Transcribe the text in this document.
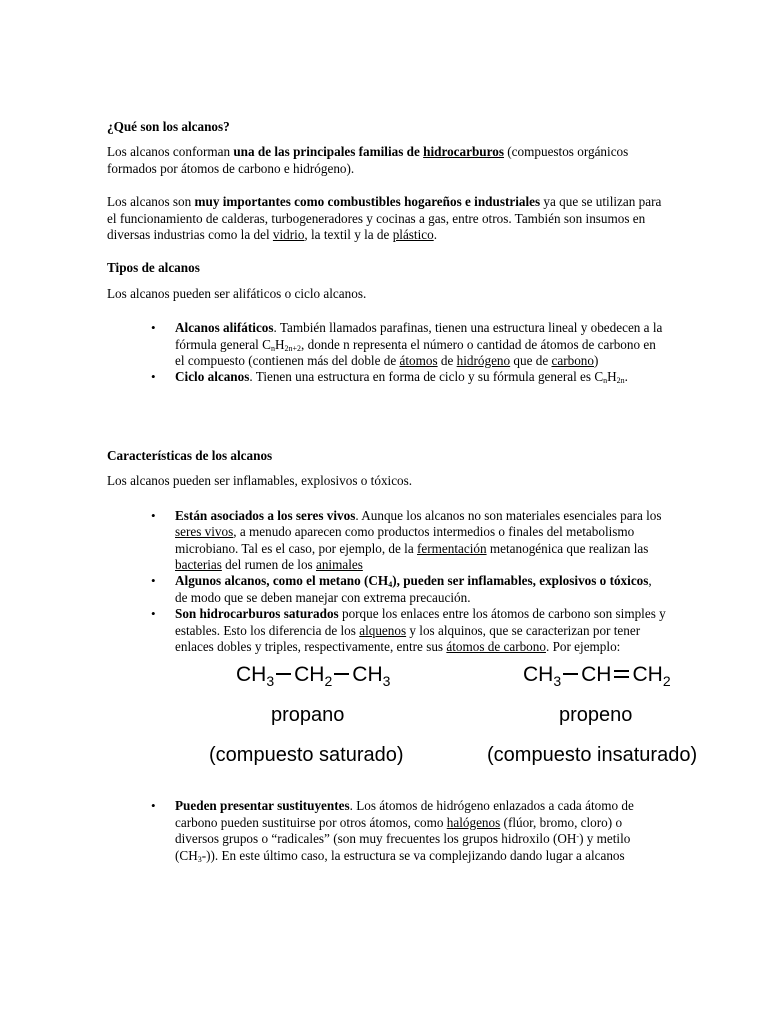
¿Qué son los alcanos?

Los alcanos conforman una de las principales familias de hidrocarburos (compuestos orgánicos formados por átomos de carbono e hidrógeno).

Los alcanos son muy importantes como combustibles hogareños e industriales ya que se utilizan para el funcionamiento de calderas, turbogeneradores y cocinas a gas, entre otros. También son insumos en diversas industrias como la del vidrio, la textil y la de plástico.

Tipos de alcanos

Los alcanos pueden ser alifáticos o ciclo alcanos.

• Alcanos alifáticos. También llamados parafinas, tienen una estructura lineal y obedecen a la fórmula general $C_nH_{2n+2}$, donde n representa el número o cantidad de átomos de carbono en el compuesto (contienen más del doble de átomos de hidrógeno que de carbono)
• Ciclo alcanos. Tienen una estructura en forma de ciclo y su fórmula general es $C_nH_{2n}$.
Características de los alcanos

Los alcanos pueden ser inflamables, explosivos o tóxicos.

• Están asociados a los seres vivos. Aunque los alcanos no son materiales esenciales para los seres vivos, a menudo aparecen como productos intermedios o finales del metabolismo microbiano. Tal es el caso, por ejemplo, de la fermentación metanogénica que realizan las bacterias del rumen de los animales
• Algunos alcanos, como el metano $(CH_4)$, pueden ser inflamables, explosivos o tóxicos, de modo que se deben manejar con extrema precaución.
• Son hidrocarburos saturados porque los enlaces entre los átomos de carbono son simples y estables. Esto los diferencia de los alquenos y los alquinos, que se caracterizan por tener enlaces dobles y triples, respectivamente, entre sus átomos de carbono. Por ejemplo:
$CH_3$ $CH_2$ $CH_3$
propano
(compuesto saturado)
$CH_3$ CH $CH_2$
propeno
(compuesto insaturado)
• Pueden presentar sustituyentes. Los átomos de hidrógeno enlazados a cada átomo de carbono pueden sustituirse por otros átomos, como halógenos (flúor, bromo, cloro) o diversos grupos o “radicales” (son muy frecuentes los grupos hidroxilo (OH-) y metilo $(CH_3-)$). En este último caso, la estructura se va complejizando dando lugar a alcanos
